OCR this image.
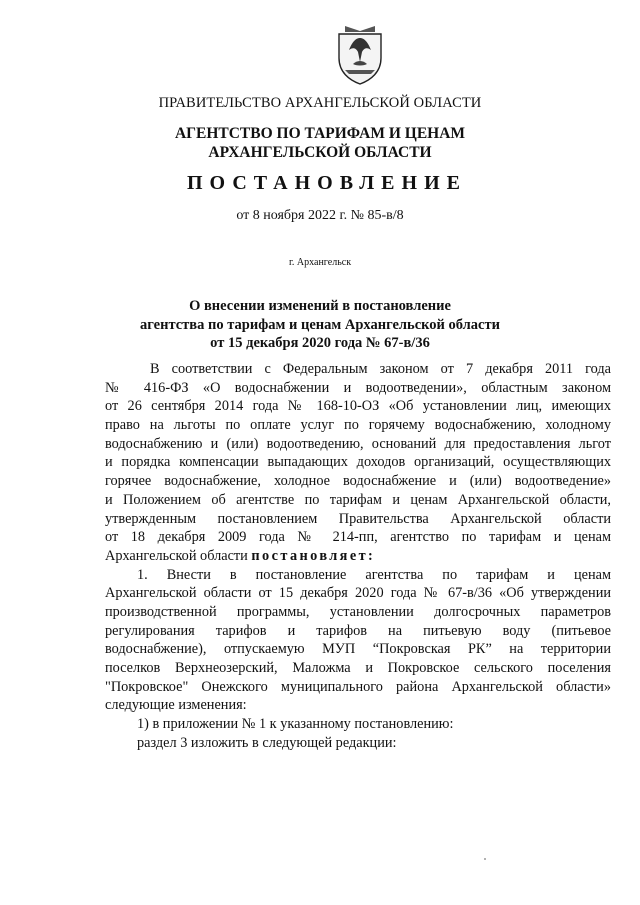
ПРАВИТЕЛЬСТВО АРХАНГЕЛЬСКОЙ ОБЛАСТИ
АГЕНТСТВО ПО ТАРИФАМ И ЦЕНАМ
АРХАНГЕЛЬСКОЙ ОБЛАСТИ
ПОСТАНОВЛЕНИЕ
от 8 ноября 2022 г. № 85-в/8
г. Архангельск
О внесении изменений в постановление
агентства по тарифам и ценам Архангельской области
от 15 декабря 2020 года № 67-в/36
В соответствии с Федеральным законом от 7 декабря 2011 года
№ 416-ФЗ «О водоснабжении и водоотведении», областным законом
от 26 сентября 2014 года № 168-10-ОЗ «Об установлении лиц, имеющих
право на льготы по оплате услуг по горячему водоснабжению, холодному
водоснабжению и (или) водоотведению, оснований для предоставления льгот
и порядка компенсации выпадающих доходов организаций, осуществляющих
горячее водоснабжение, холодное водоснабжение и (или) водоотведение»
и Положением об агентстве по тарифам и ценам Архангельской области,
утвержденным постановлением Правительства Архангельской области
от 18 декабря 2009 года № 214-пп, агентство по тарифам и ценам
Архангельской области постановляет:
1. Внести в постановление агентства по тарифам и ценам
Архангельской области от 15 декабря 2020 года № 67-в/36 «Об утверждении
производственной программы, установлении долгосрочных параметров
регулирования тарифов и тарифов на питьевую воду (питьевое
водоснабжение), отпускаемую МУП “Покровская РК” на территории
поселков Верхнеозерский, Маложма и Покровское сельского поселения
"Покровское" Онежского муниципального района Архангельской области»
следующие изменения:
1) в приложении № 1 к указанному постановлению:
раздел 3 изложить в следующей редакции:
